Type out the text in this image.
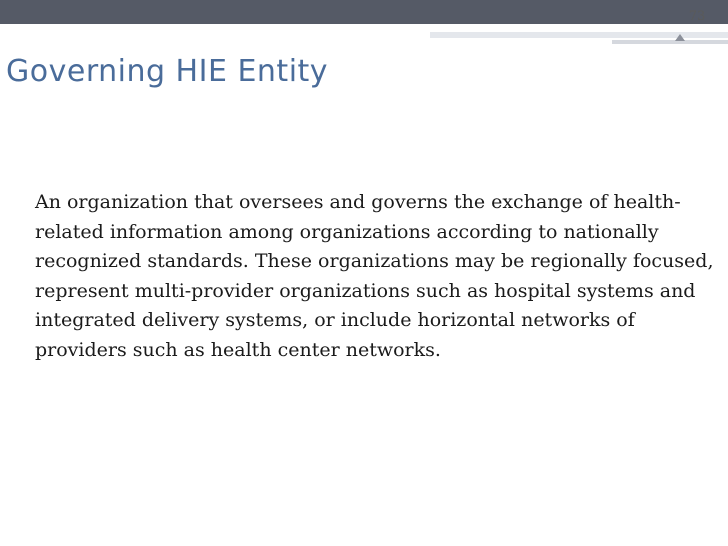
73
Governing HIE Entity

An organization that oversees and governs the exchange of health-related information among organizations according to nationally recognized standards. These organizations may be regionally focused, represent multi-provider organizations such as hospital systems and integrated delivery systems, or include horizontal networks of providers such as health center networks.
